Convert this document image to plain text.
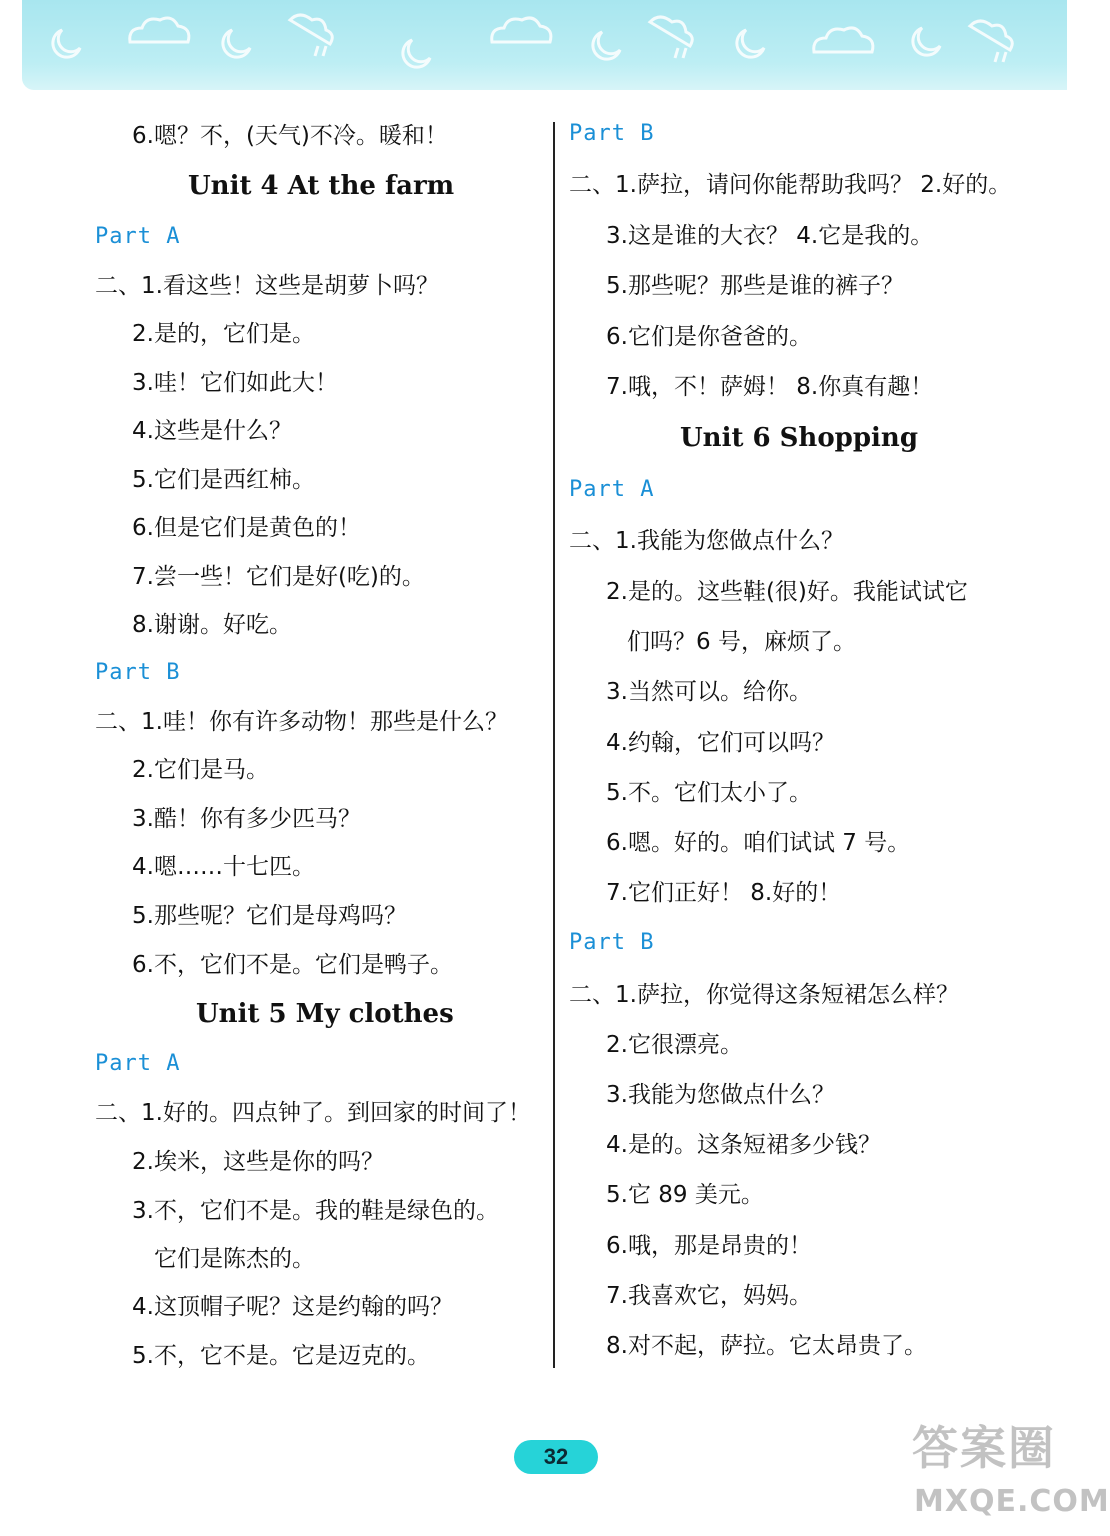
6.嗯？不，(天气)不冷。暖和！
Unit 4 At the farm
Part A
二、1.看这些！这些是胡萝卜吗？
2.是的，它们是。
3.哇！它们如此大！
4.这些是什么？
5.它们是西红柿。
6.但是它们是黄色的！
7.尝一些！它们是好(吃)的。
8.谢谢。好吃。
Part B
二、1.哇！你有许多动物！那些是什么？
2.它们是马。
3.酷！你有多少匹马？
4.嗯……十七匹。
5.那些呢？它们是母鸡吗？
6.不，它们不是。它们是鸭子。
Unit 5 My clothes
Part A
二、1.好的。四点钟了。到回家的时间了！
2.埃米，这些是你的吗？
3.不，它们不是。我的鞋是绿色的。
它们是陈杰的。
4.这顶帽子呢？这是约翰的吗？
5.不，它不是。它是迈克的。
Part B
二、1.萨拉，请问你能帮助我吗？ 2.好的。
3.这是谁的大衣？ 4.它是我的。
5.那些呢？那些是谁的裤子？
6.它们是你爸爸的。
7.哦，不！萨姆！ 8.你真有趣！
Unit 6 Shopping
Part A
二、1.我能为您做点什么？
2.是的。这些鞋(很)好。我能试试它
们吗？6 号，麻烦了。
3.当然可以。给你。
4.约翰，它们可以吗？
5.不。它们太小了。
6.嗯。好的。咱们试试 7 号。
7.它们正好！ 8.好的！
Part B
二、1.萨拉，你觉得这条短裙怎么样？
2.它很漂亮。
3.我能为您做点什么？
4.是的。这条短裙多少钱？
5.它 89 美元。
6.哦，那是昂贵的！
7.我喜欢它，妈妈。
8.对不起，萨拉。它太昂贵了。
32	答案圈
MXQE.COM
